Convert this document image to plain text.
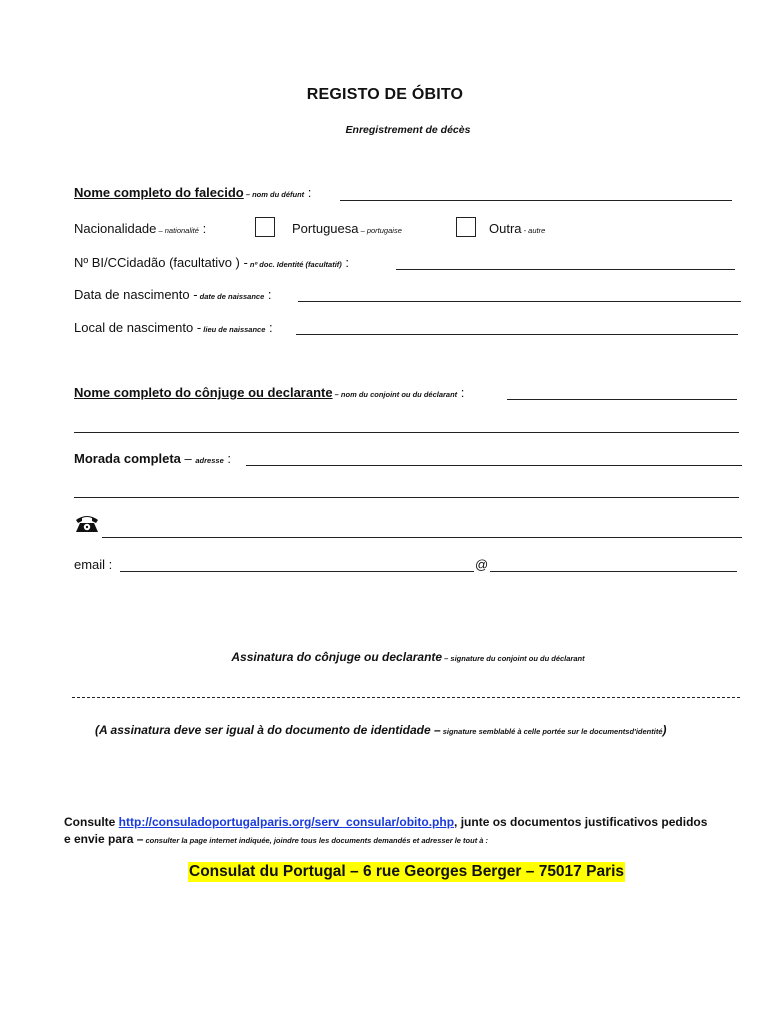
REGISTO DE ÓBITO
Enregistrement de décès
Nome completo do falecido – nom du défunt :
Nacionalidade – nationalité :	Portuguesa – portugaise	Outra - autre
Nº BI/CCidadão (facultativo ) - nº doc. Identité (facultatif) :
Data de nascimento - date de naissance :
Local de nascimento - lieu de naissance :
Nome completo do cônjuge ou declarante – nom du conjoint ou du déclarant :
Morada completa – adresse :
email :	@
Assinatura do cônjuge ou declarante – signature du conjoint ou du déclarant
(A assinatura deve ser igual à do documento de identidade – signature semblablé à celle portée sur le documentsd'identité)
Consulte http://consuladoportugalparis.org/serv_consular/obito.php, junte os documentos justificativos pedidos
e envie para – consulter la page internet indiquée, joindre tous les documents demandés et adresser le tout à :
Consulat du Portugal – 6 rue Georges Berger – 75017 Paris
